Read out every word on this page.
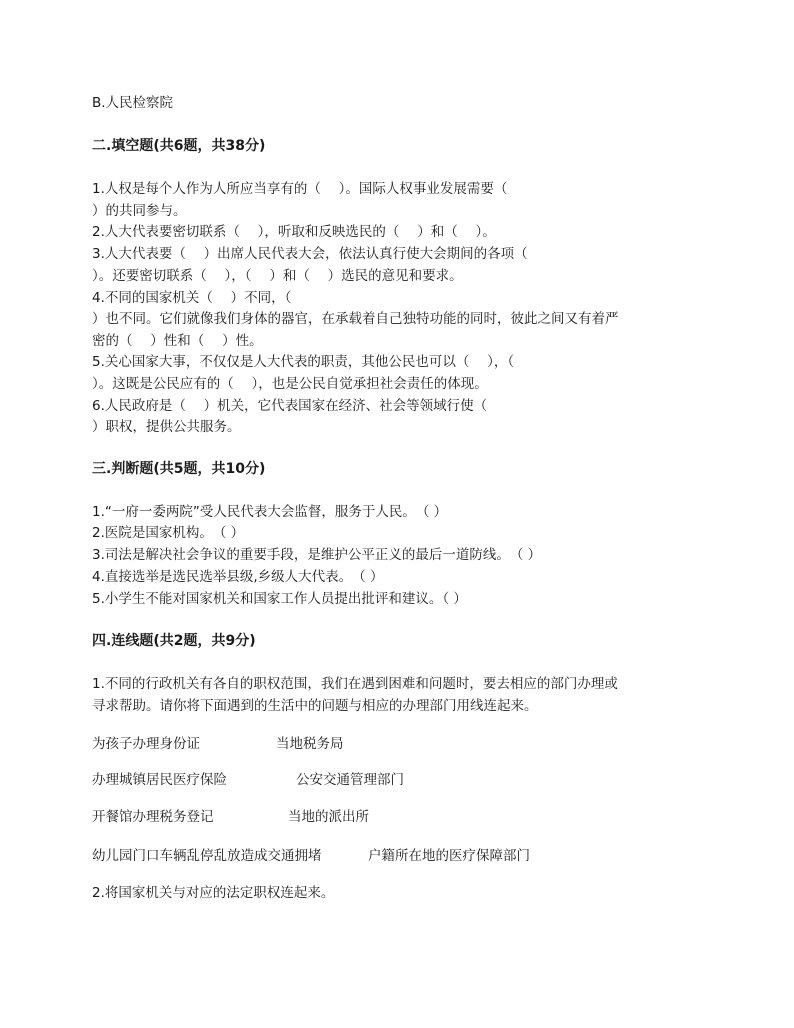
B.人民检察院
二.填空题(共6题，共38分)
1.人权是每个人作为人所应当享有的（　 ）。国际人权事业发展需要（
）的共同参与。
2.人大代表要密切联系（　 ），听取和反映选民的（　 ）和（　 ）。
3.人大代表要（　 ）出席人民代表大会，依法认真行使大会期间的各项（
）。还要密切联系（　 ），（　 ）和（　 ）选民的意见和要求。
4.不同的国家机关（　 ）不同，（
）也不同。它们就像我们身体的器官，在承载着自己独特功能的同时，彼此之间又有着严
密的（　 ）性和（　 ）性。
5.关心国家大事，不仅仅是人大代表的职责，其他公民也可以（　 ），（
）。这既是公民应有的（　 ），也是公民自觉承担社会责任的体现。
6.人民政府是（　 ）机关，它代表国家在经济、社会等领域行使（
）职权，提供公共服务。
三.判断题(共5题，共10分)
1.“一府一委两院”受人民代表大会监督，服务于人民。　（ ）
2.医院是国家机构。　（ ）
3.司法是解决社会争议的重要手段，是维护公平正义的最后一道防线。　（ ）
4.直接选举是选民选举县级,乡级人大代表。　（ ）
5.小学生不能对国家机关和国家工作人员提出批评和建议。（ ）
四.连线题(共2题，共9分)
1.不同的行政机关有各自的职权范围，我们在遇到困难和问题时，要去相应的部门办理或
寻求帮助。请你将下面遇到的生活中的问题与相应的办理部门用线连起来。
为孩子办理身份证	当地税务局
办理城镇居民医疗保险	公安交通管理部门
开餐馆办理税务登记	当地的派出所
幼儿园门口车辆乱停乱放造成交通拥堵	户籍所在地的医疗保障部门
2.将国家机关与对应的法定职权连起来。
